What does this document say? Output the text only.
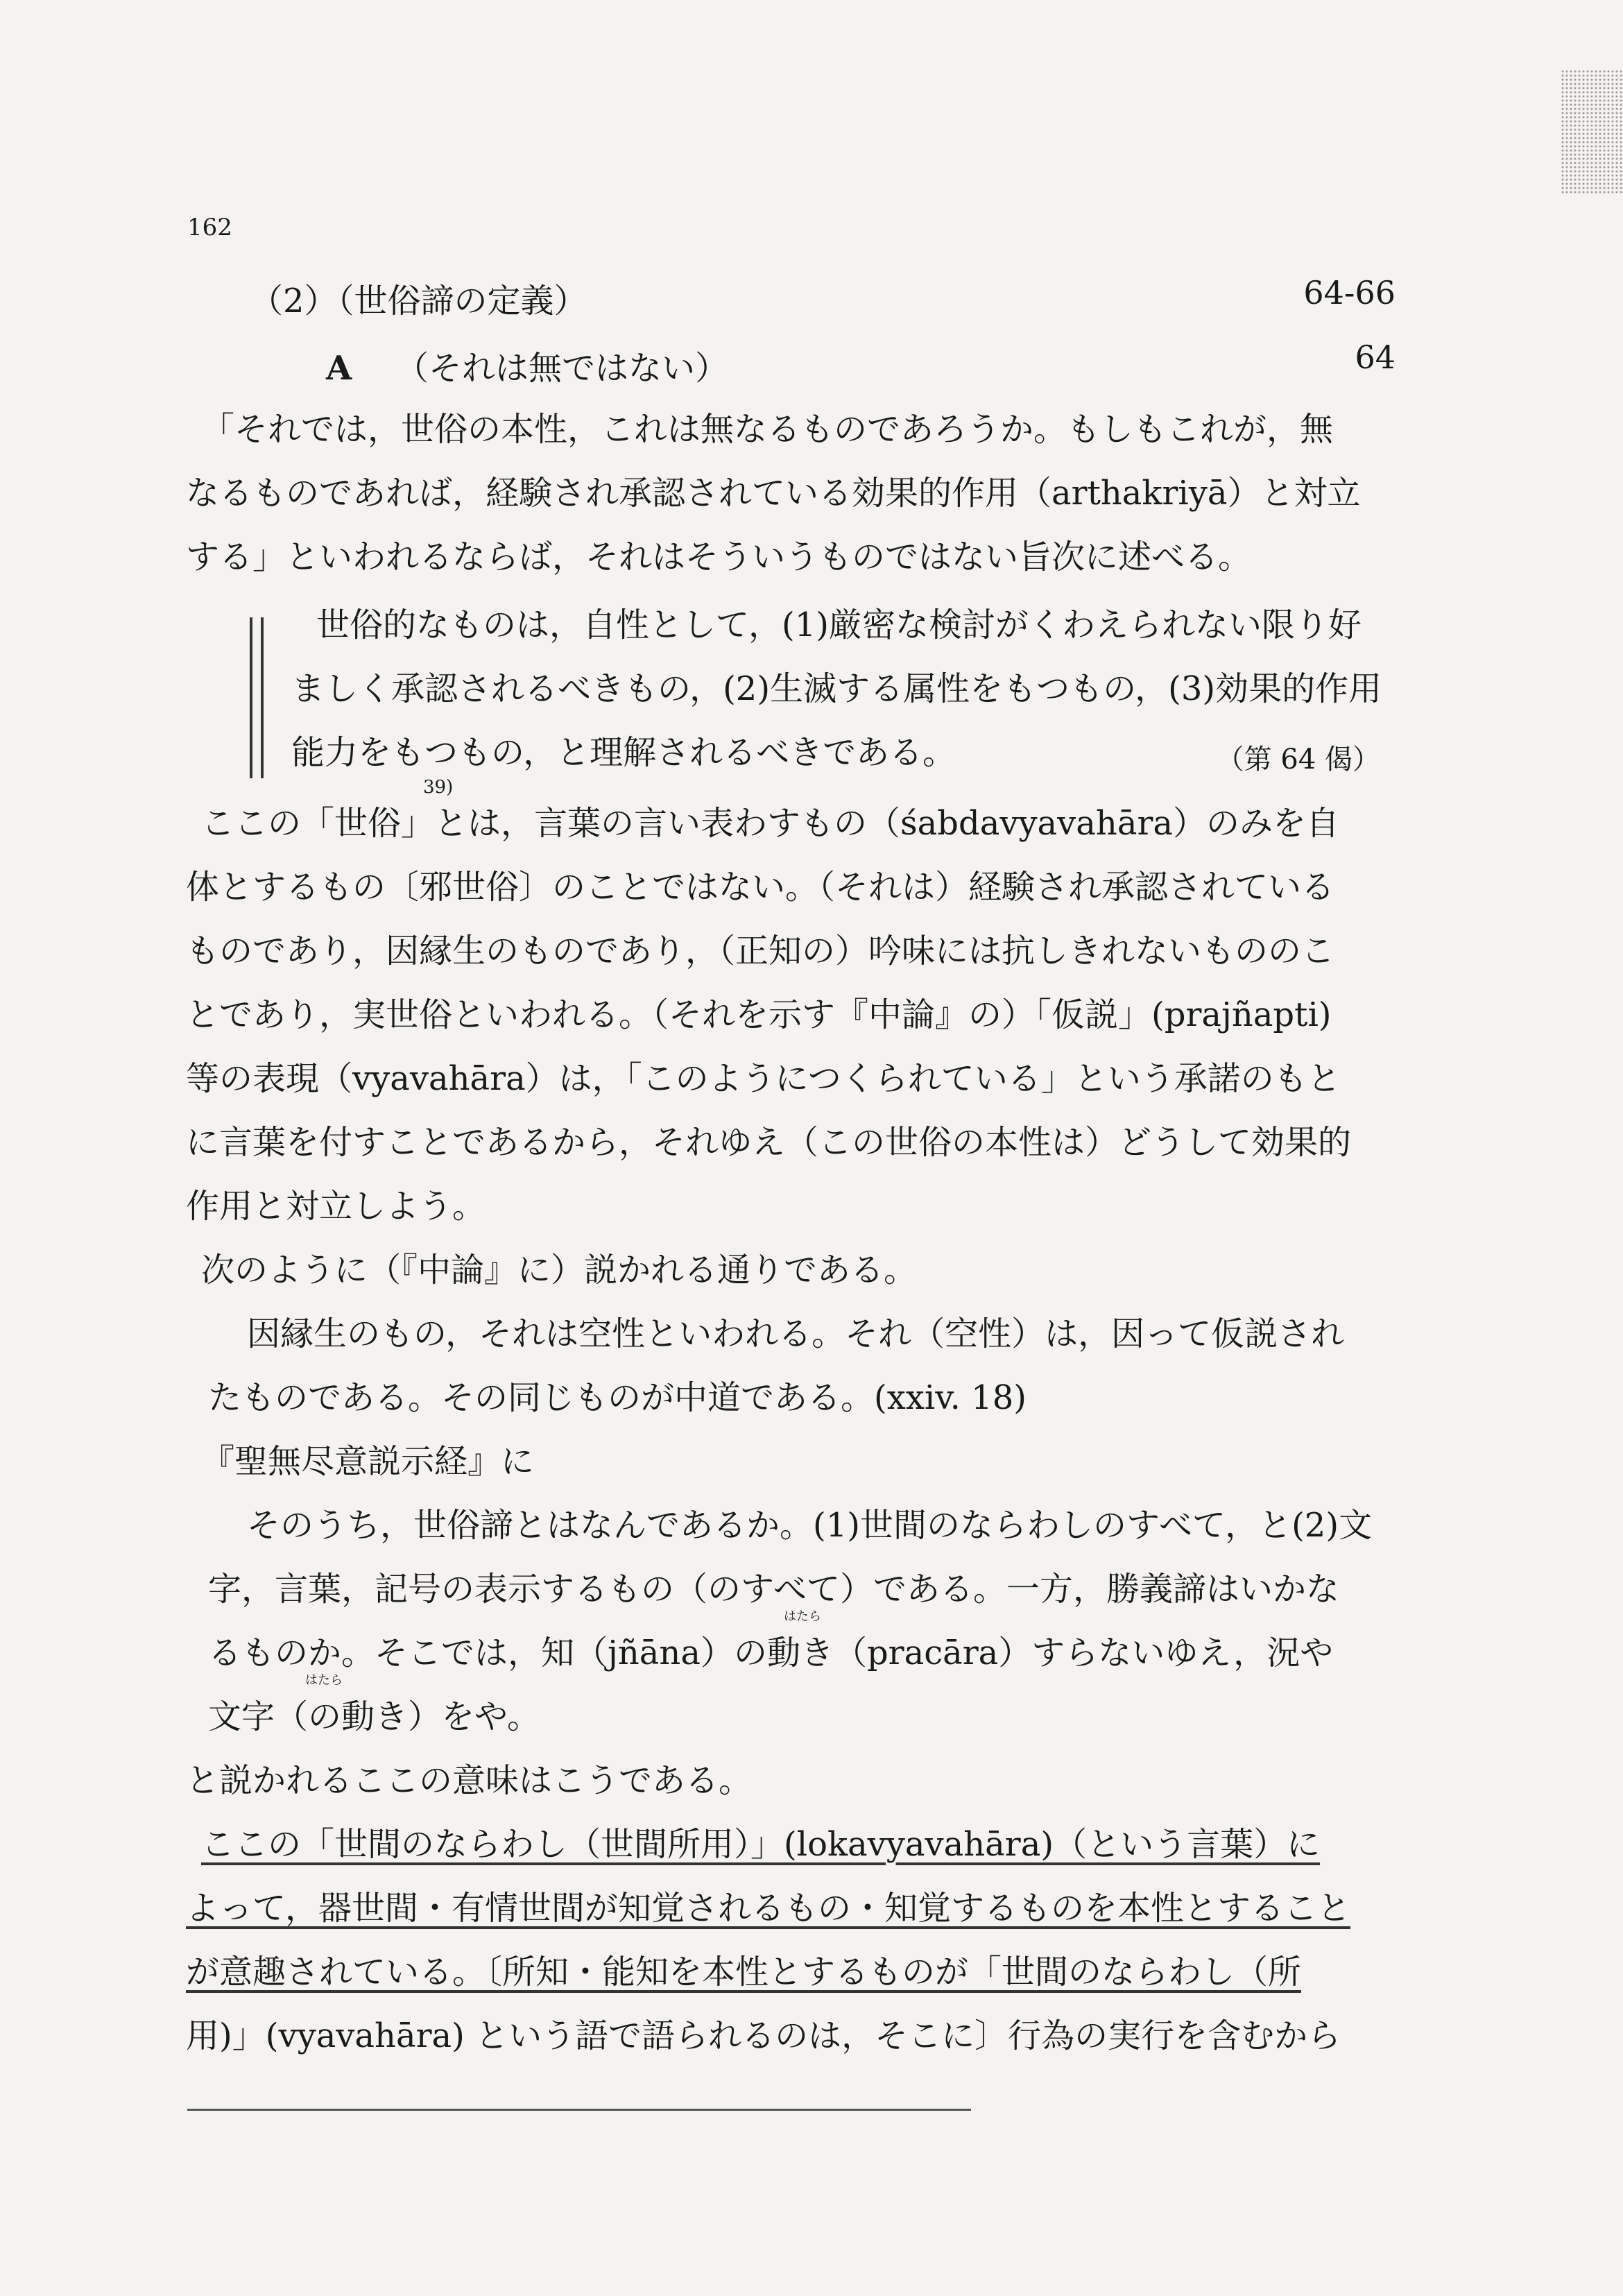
162
（2）（世俗諦の定義）	64-66
A （それは無ではない）	64
「それでは，世俗の本性，これは無なるものであろうか。もしもこれが，無
なるものであれば，経験され承認されている効果的作用（arthakriyā）と対立
する」といわれるならば，それはそういうものではない旨次に述べる。
世俗的なものは，自性として，(1)厳密な検討がくわえられない限り好
ましく承認されるべきもの，(2)生滅する属性をもつもの，(3)効果的作用
能力をもつもの，と理解されるべきである。	（第 64 偈）
39)
ここの「世俗」とは，言葉の言い表わすもの（śabdavyavahāra）のみを自
体とするもの〔邪世俗〕のことではない。（それは）経験され承認されている
ものであり，因縁生のものであり，（正知の）吟味には抗しきれないもののこ
とであり，実世俗といわれる。（それを示す『中論』の）「仮説」(prajñapti)
等の表現（vyavahāra）は，「このようにつくられている」という承諾のもと
に言葉を付すことであるから，それゆえ（この世俗の本性は）どうして効果的
作用と対立しよう。
次のように（『中論』に）説かれる通りである。
因縁生のもの，それは空性といわれる。それ（空性）は，因って仮説され
たものである。その同じものが中道である。(xxiv. 18)
『聖無尽意説示経』に
そのうち，世俗諦とはなんであるか。(1)世間のならわしのすべて，と(2)文
字，言葉，記号の表示するもの（のすべて）である。一方，勝義諦はいかな
はたら
るものか。そこでは，知（jñāna）の動き（pracāra）すらないゆえ，況や
はたら
文字（の動き）をや。
と説かれるここの意味はこうである。
ここの「世間のならわし（世間所用）」(lokavyavahāra)（という言葉）に
よって，器世間・有情世間が知覚されるもの・知覚するものを本性とすること
が意趣されている。〔所知・能知を本性とするものが「世間のならわし（所
用)」(vyavahāra) という語で語られるのは，そこに〕行為の実行を含むから
